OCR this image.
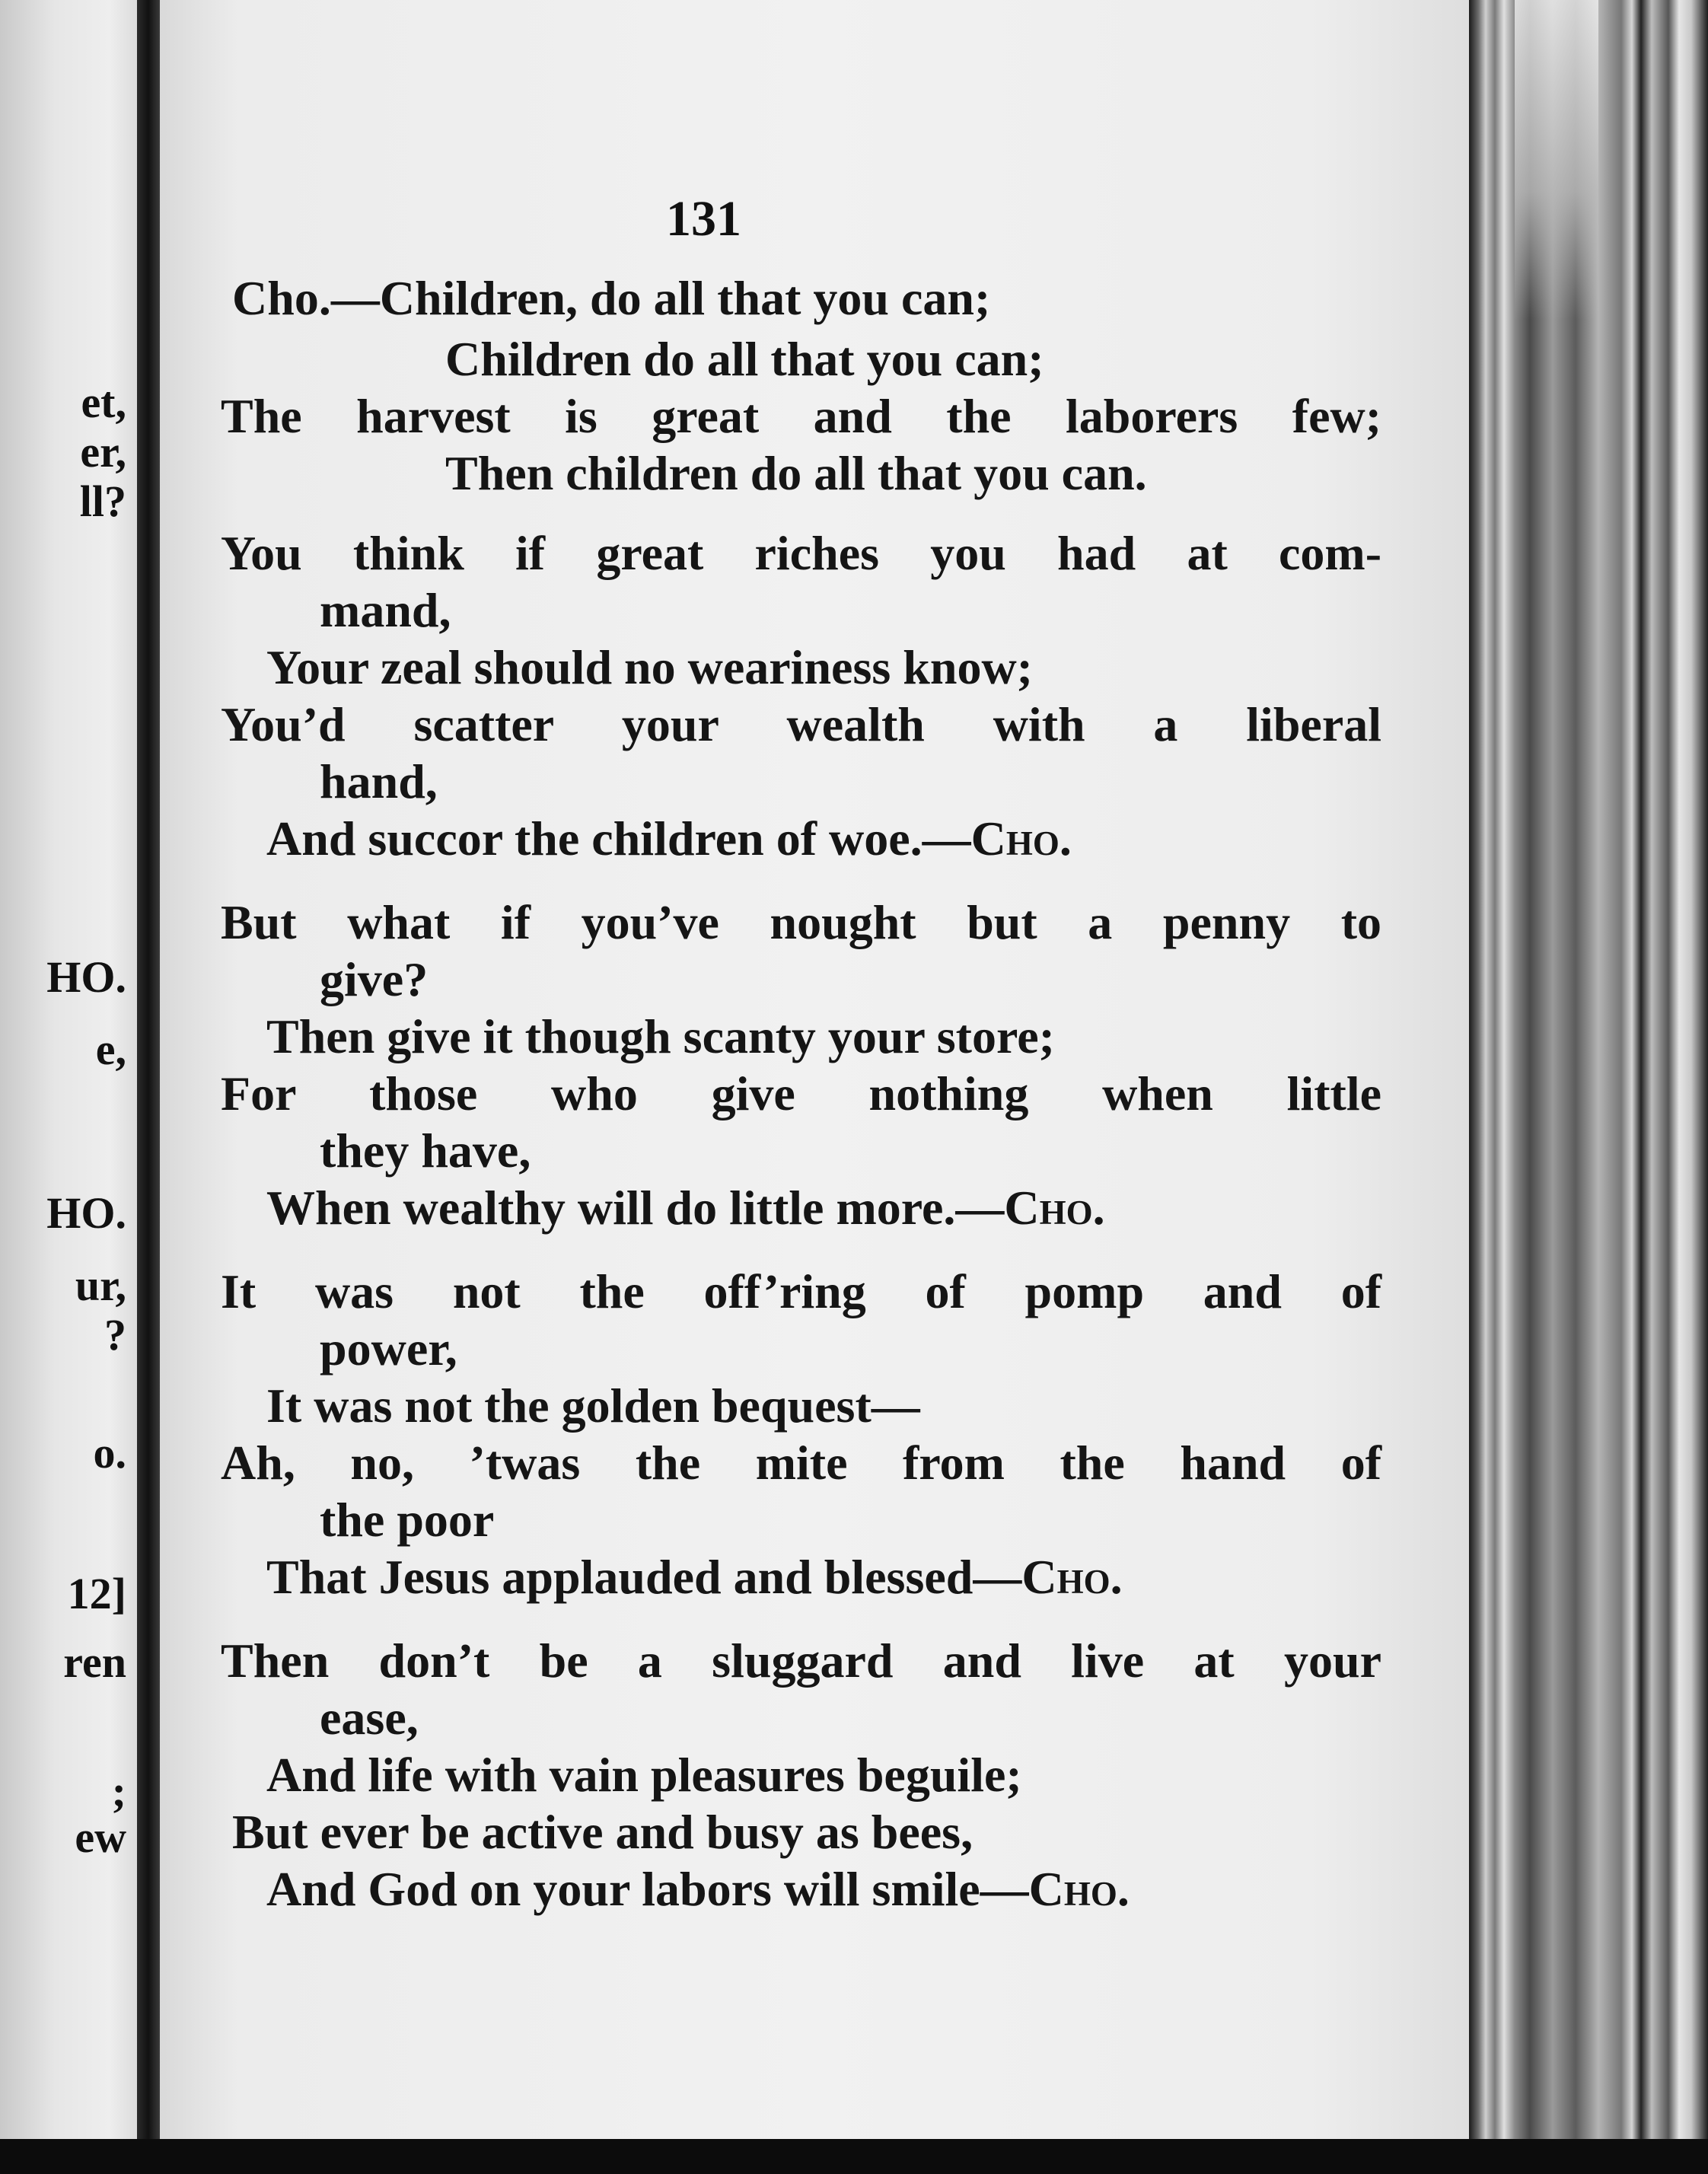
et,

er,

ll?

HO.

e,

HO.

ur,

?

o.

12]

ren

;

ew

131

Cho.—Children, do all that you can;

Children do all that you can;

The harvest is great and the laborers few;

Then children do all that you can.

You think if great riches you had at com-

mand,

Your zeal should no weariness know;

You’d scatter your wealth with a liberal

hand,

And succor the children of woe.—Cho.

But what if you’ve nought but a penny to

give?

Then give it though scanty your store;

For those who give nothing when little

they have,

When wealthy will do little more.—Cho.

It was not the off’ring of pomp and of

power,

It was not the golden bequest—

Ah, no, ’twas the mite from the hand of

the poor

That Jesus applauded and blessed—Cho.

Then don’t be a sluggard and live at your

ease,

And life with vain pleasures beguile;

But ever be active and busy as bees,

And God on your labors will smile—Cho.
